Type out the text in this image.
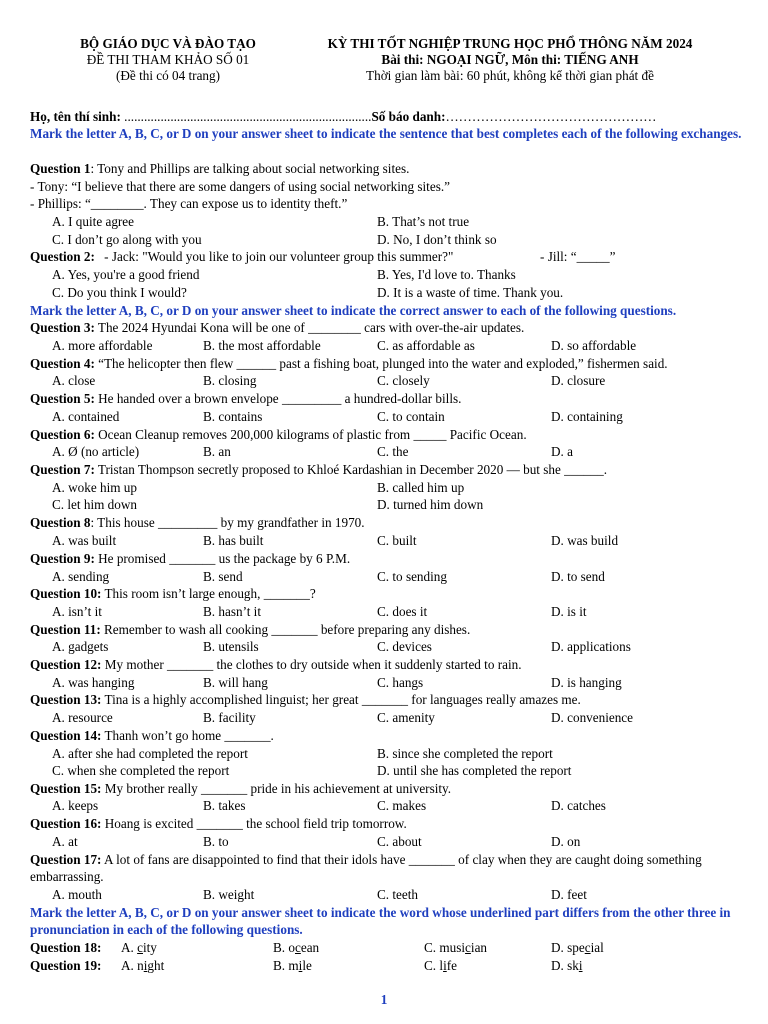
BỘ GIÁO DỤC VÀ ĐÀO TẠO
ĐỀ THI THAM KHẢO SỐ 01
(Đề thi có 04 trang)
KỲ THI TỐT NGHIỆP TRUNG HỌC PHỔ THÔNG NĂM 2024
Bài thi: NGOẠI NGỮ, Môn thi: TIẾNG ANH
Thời gian làm bài: 60 phút, không kể thời gian phát đề
Họ, tên thí sinh: ...........................................................................Số báo danh:…………………………………………
Mark the letter A, B, C, or D on your answer sheet to indicate the sentence that best completes each of the following exchanges.
Question 1: Tony and Phillips are talking about social networking sites.
- Tony: “I believe that there are some dangers of using social networking sites.”
- Phillips: “________. They can expose us to identity theft.”
A. I quite agree	B. That’s not true
C. I don’t go along with you	D. No, I don’t think so
Question 2: - Jack: "Would you like to join our volunteer group this summer?"	- Jill: “_____”
A. Yes, you're a good friend	B. Yes, I'd love to. Thanks
C. Do you think I would?	D. It is a waste of time. Thank you.
Mark the letter A, B, C, or D on your answer sheet to indicate the correct answer to each of the following questions.
Question 3: The 2024 Hyundai Kona will be one of ________ cars with over-the-air updates.
A. more affordable	B. the most affordable	C. as affordable as	D. so affordable
Question 4: “The helicopter then flew ______ past a fishing boat, plunged into the water and exploded,” fishermen said.
A. close	B. closing	C. closely	D. closure
Question 5: He handed over a brown envelope _________ a hundred-dollar bills.
A. contained	B. contains	C. to contain	D. containing
Question 6: Ocean Cleanup removes 200,000 kilograms of plastic from _____ Pacific Ocean.
A. Ø (no article)	B. an	C. the	D. a
Question 7: Tristan Thompson secretly proposed to Khloé Kardashian in December 2020 — but she ______.
A. woke him up	B. called him up
C. let him down	D. turned him down
Question 8: This house _________ by my grandfather in 1970.
A. was built	B. has built	C. built	D. was build
Question 9: He promised _______ us the package by 6 P.M.
A. sending	B. send	C. to sending	D. to send
Question 10: This room isn’t large enough, _______?
A. isn’t it	B. hasn’t it	C. does it	D. is it
Question 11: Remember to wash all cooking _______ before preparing any dishes.
A. gadgets	B. utensils	C. devices	D. applications
Question 12: My mother _______ the clothes to dry outside when it suddenly started to rain.
A. was hanging	B. will hang	C. hangs	D. is hanging
Question 13: Tina is a highly accomplished linguist; her great _______ for languages really amazes me.
A. resource	B. facility	C. amenity	D. convenience
Question 14: Thanh won’t go home _______.
A. after she had completed the report	B. since she completed the report
C. when she completed the report	D. until she has completed the report
Question 15: My brother really _______ pride in his achievement at university.
A. keeps	B. takes	C. makes	D. catches
Question 16: Hoang is excited _______ the school field trip tomorrow.
A. at	B. to	C. about	D. on
Question 17: A lot of fans are disappointed to find that their idols have _______ of clay when they are caught doing something embarrassing.
A. mouth	B. weight	C. teeth	D. feet
Mark the letter A, B, C, or D on your answer sheet to indicate the word whose underlined part differs from the other three in pronunciation in each of the following questions.
Question 18: A. city	B. ocean	C. musician	D. special
Question 19: A. night	B. mile	C. life	D. ski
1
